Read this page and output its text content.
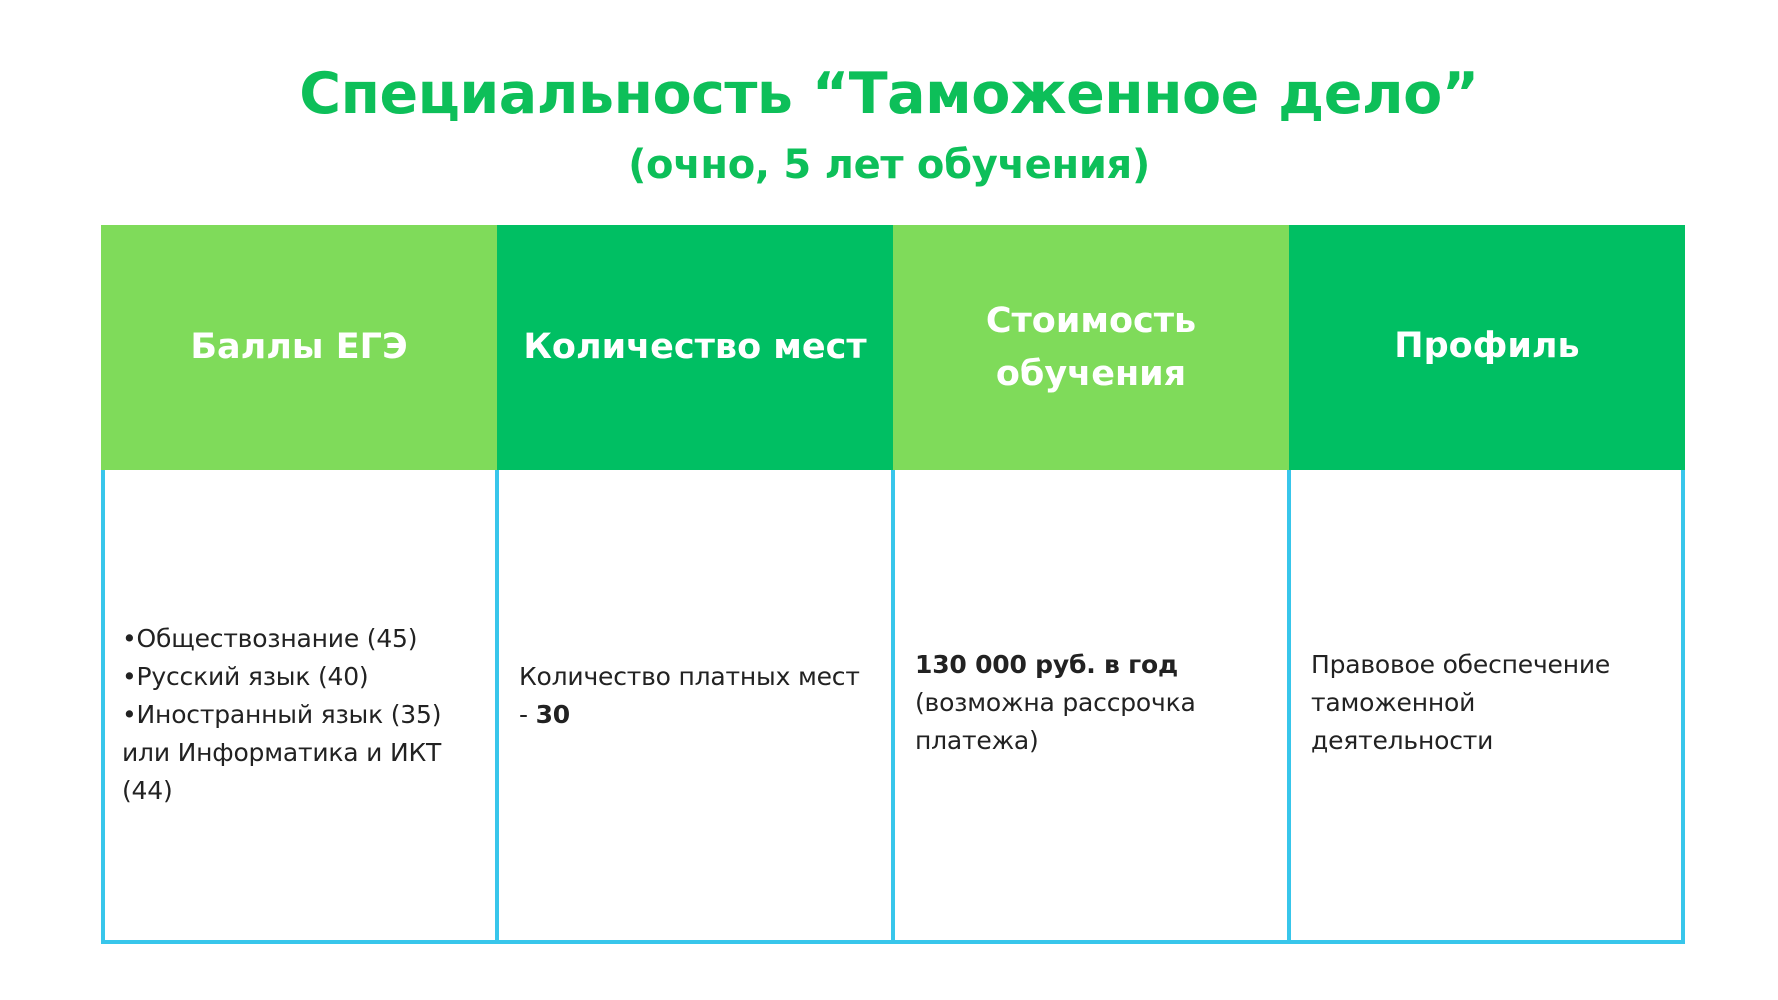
Специальность “Таможенное дело”
(очно, 5 лет обучения)
Баллы ЕГЭ	Количество мест
Стоимость обучения
Профиль
•Обществознание (45)
•Русский язык (40)
•Иностранный язык (35)
или Информатика и ИКТ
(44)
Количество платных мест
- 30
130 000 руб. в год
(возможна рассрочка
платежа)
Правовое обеспечение
таможенной
деятельности
